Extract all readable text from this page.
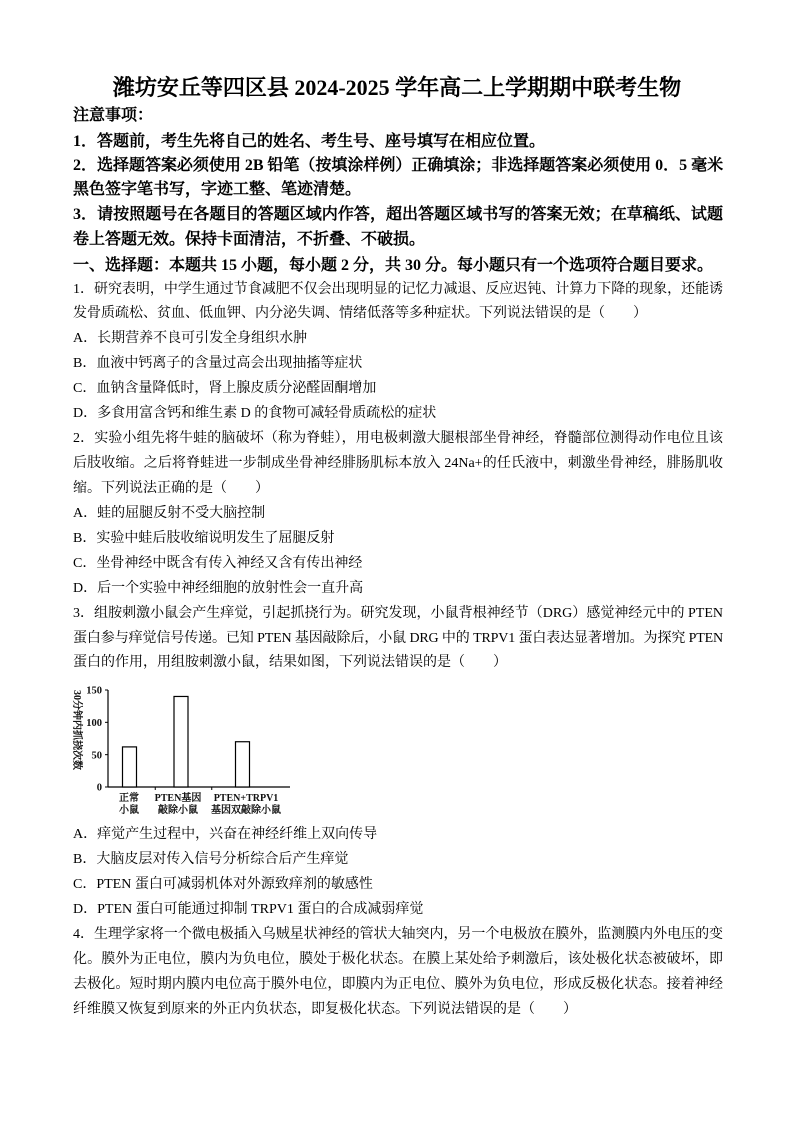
潍坊安丘等四区县 2024-2025 学年高二上学期期中联考生物
注意事项：
1．答题前，考生先将自己的姓名、考生号、座号填写在相应位置。
2．选择题答案必须使用 2B 铅笔（按填涂样例）正确填涂；非选择题答案必须使用 0．5 毫米
黑色签字笔书写，字迹工整、笔迹清楚。
3．请按照题号在各题目的答题区域内作答，超出答题区域书写的答案无效；在草稿纸、试题
卷上答题无效。保持卡面清洁，不折叠、不破损。
一、选择题：本题共 15 小题，每小题 2 分，共 30 分。每小题只有一个选项符合题目要求。
1．研究表明，中学生通过节食减肥不仅会出现明显的记忆力减退、反应迟钝、计算力下降的现象，还能诱
发骨质疏松、贫血、低血钾、内分泌失调、情绪低落等多种症状。下列说法错误的是（　　）
A．长期营养不良可引发全身组织水肿
B．血液中钙离子的含量过高会出现抽搐等症状
C．血钠含量降低时，肾上腺皮质分泌醛固酮增加
D．多食用富含钙和维生素 D 的食物可减轻骨质疏松的症状
2．实验小组先将牛蛙的脑破坏（称为脊蛙），用电极刺激大腿根部坐骨神经，脊髓部位测得动作电位且该
后肢收缩。之后将脊蛙进一步制成坐骨神经腓肠肌标本放入 24Na+的任氏液中，刺激坐骨神经，腓肠肌收
缩。下列说法正确的是（　　）
A．蛙的屈腿反射不受大脑控制
B．实验中蛙后肢收缩说明发生了屈腿反射
C．坐骨神经中既含有传入神经又含有传出神经
D．后一个实验中神经细胞的放射性会一直升高
3．组胺刺激小鼠会产生痒觉，引起抓挠行为。研究发现，小鼠背根神经节（DRG）感觉神经元中的 PTEN
蛋白参与痒觉信号传递。已知 PTEN 基因敲除后，小鼠 DRG 中的 TRPV1 蛋白表达显著增加。为探究 PTEN
蛋白的作用，用组胺刺激小鼠，结果如图，下列说法错误的是（　　）
0
50
100
150
正常
小鼠
PTEN基因
敲除小鼠
PTEN+TRPV1
基因双敲除小鼠
30分钟内抓挠次数
A．痒觉产生过程中，兴奋在神经纤维上双向传导
B．大脑皮层对传入信号分析综合后产生痒觉
C．PTEN 蛋白可减弱机体对外源致痒剂的敏感性
D．PTEN 蛋白可能通过抑制 TRPV1 蛋白的合成减弱痒觉
4．生理学家将一个微电极插入乌贼星状神经的管状大轴突内，另一个电极放在膜外，监测膜内外电压的变
化。膜外为正电位，膜内为负电位，膜处于极化状态。在膜上某处给予刺激后，该处极化状态被破坏，即
去极化。短时期内膜内电位高于膜外电位，即膜内为正电位、膜外为负电位，形成反极化状态。接着神经
纤维膜又恢复到原来的外正内负状态，即复极化状态。下列说法错误的是（　　）
